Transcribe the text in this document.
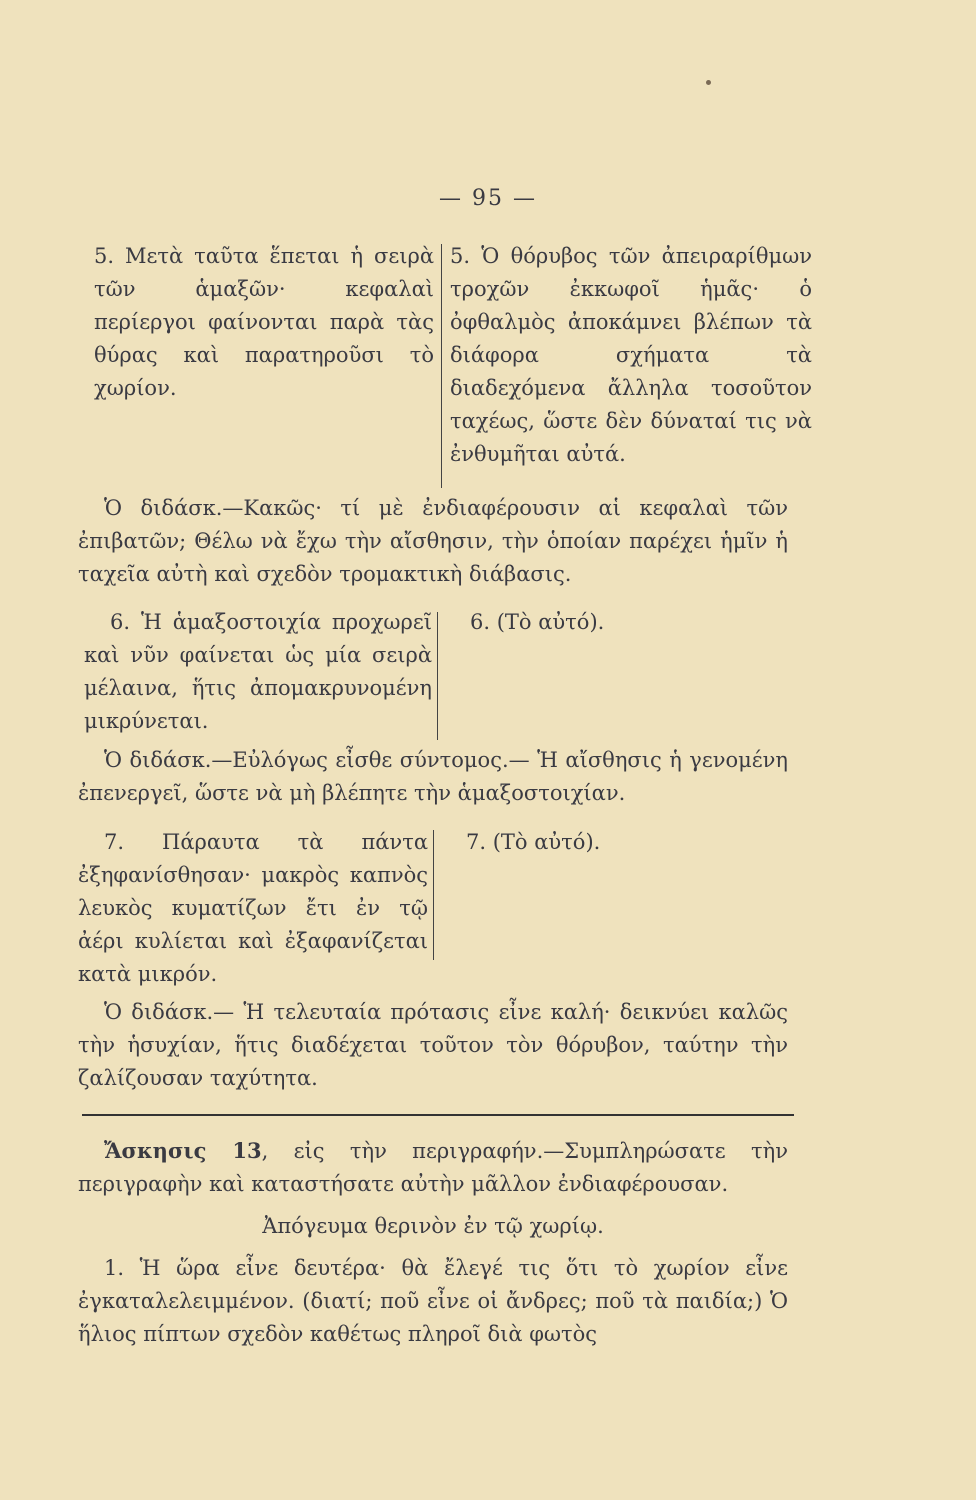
— 95 —

5. Μετὰ ταῦτα ἕπεται ἡ σειρὰ τῶν ἁμαξῶν· κεφαλαὶ περίεργοι φαίνονται παρὰ τὰς θύρας καὶ παρατηροῦσι τὸ χωρίον.

5. Ὁ θόρυβος τῶν ἀπειραρίθμων τροχῶν ἐκκωφοῖ ἡμᾶς· ὁ ὀφθαλμὸς ἀποκάμνει βλέπων τὰ διάφορα σχήματα τὰ διαδεχόμενα ἄλληλα τοσοῦτον ταχέως, ὥστε δὲν δύναταί τις νὰ ἐνθυμῆται αὐτά.

Ὁ διδάσκ.—Κακῶς· τί μὲ ἐνδιαφέρουσιν αἱ κεφαλαὶ τῶν ἐπιβατῶν; Θέλω νὰ ἔχω τὴν αἴσθησιν, τὴν ὁποίαν παρέχει ἡμῖν ἡ ταχεῖα αὐτὴ καὶ σχεδὸν τρομακτικὴ διάβασις.

6. Ἡ ἁμαξοστοιχία προχωρεῖ καὶ νῦν φαίνεται ὡς μία σειρὰ μέλαινα, ἥτις ἀπομακρυνομένη μικρύνεται.

6. (Τὸ αὐτό).

Ὁ διδάσκ.—Εὐλόγως εἶσθε σύντομος.— Ἡ αἴσθησις ἡ γενομένη ἐπενεργεῖ, ὥστε νὰ μὴ βλέπητε τὴν ἁμαξοστοιχίαν.

7. Πάραυτα τὰ πάντα ἐξηφανίσθησαν· μακρὸς καπνὸς λευκὸς κυματίζων ἔτι ἐν τῷ ἀέρι κυλίεται καὶ ἐξαφανίζεται κατὰ μικρόν.

7. (Τὸ αὐτό).

Ὁ διδάσκ.— Ἡ τελευταία πρότασις εἶνε καλή· δεικνύει καλῶς τὴν ἡσυχίαν, ἥτις διαδέχεται τοῦτον τὸν θόρυβον, ταύτην τὴν ζαλίζουσαν ταχύτητα.

Ἄσκησις 13, εἰς τὴν περιγραφήν.—Συμπληρώσατε τὴν περιγραφὴν καὶ καταστήσατε αὐτὴν μᾶλλον ἐνδιαφέρουσαν.

Ἀπόγευμα θερινὸν ἐν τῷ χωρίῳ.

1. Ἡ ὥρα εἶνε δευτέρα· θὰ ἔλεγέ τις ὅτι τὸ χωρίον εἶνε ἐγκαταλελειμμένον. (διατί; ποῦ εἶνε οἱ ἄνδρες; ποῦ τὰ παιδία;) Ὁ ἥλιος πίπτων σχεδὸν καθέτως πληροῖ διὰ φωτὸς
